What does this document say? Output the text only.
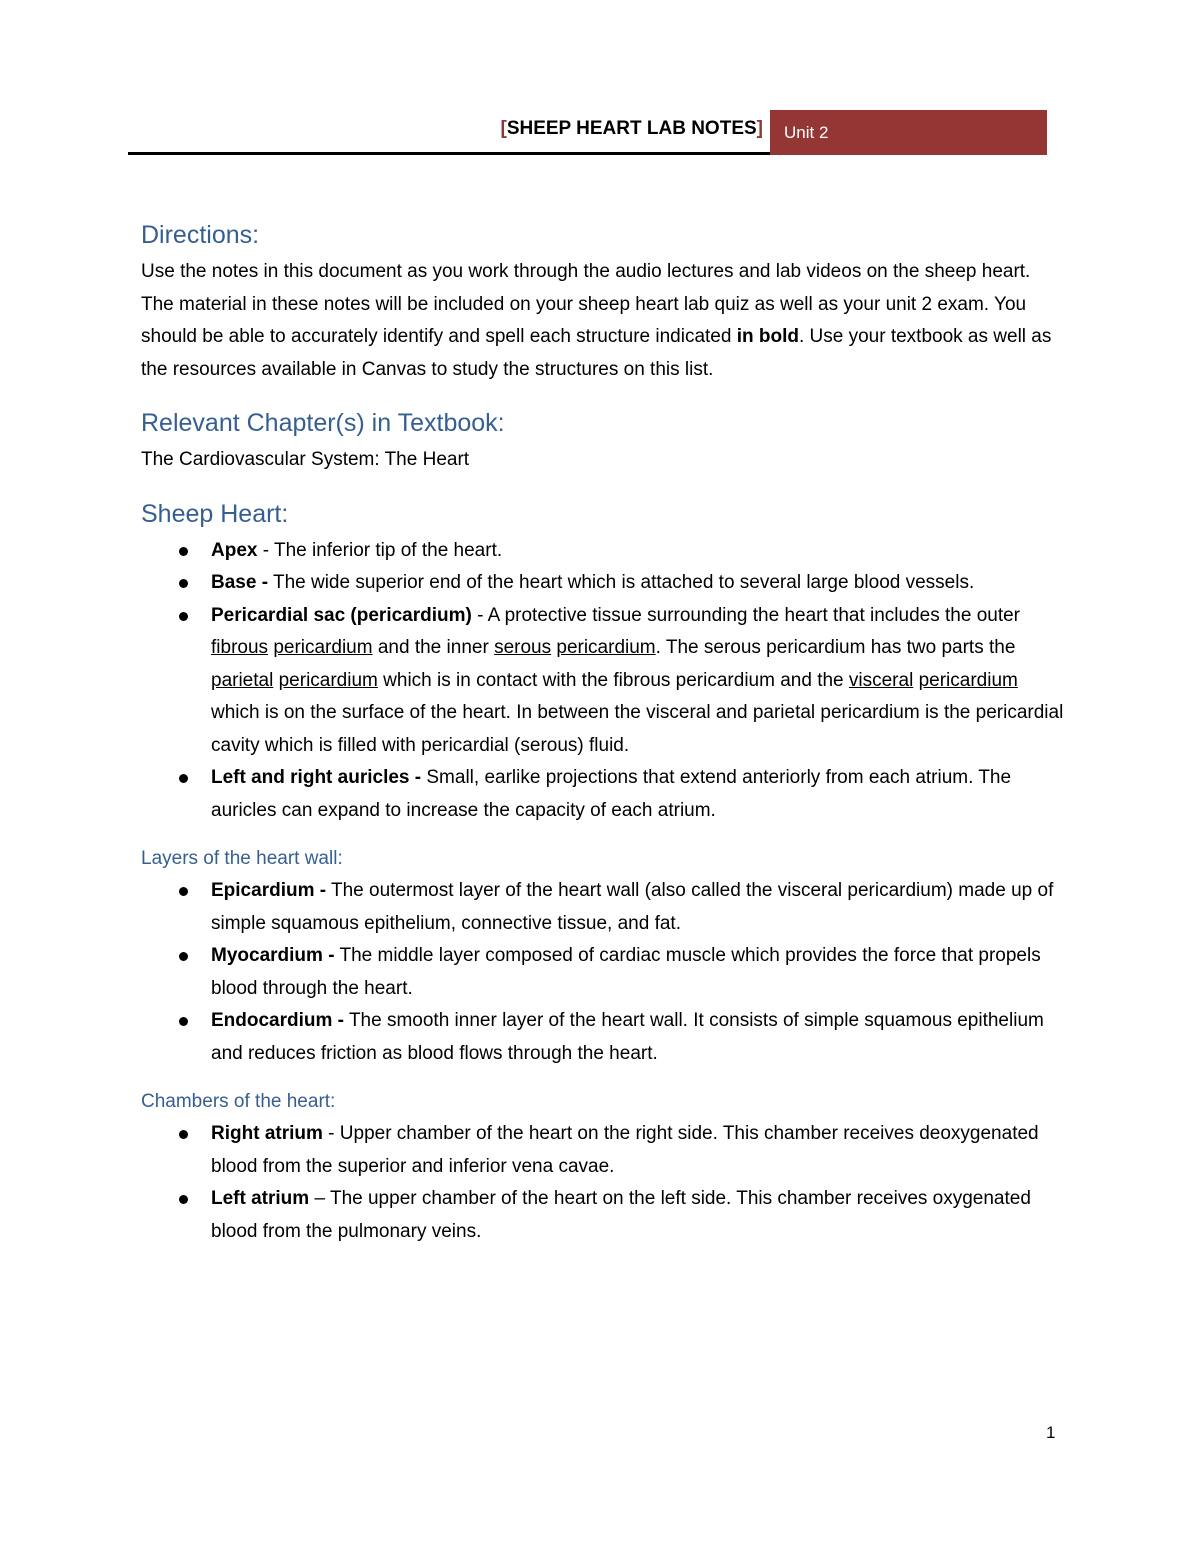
[SHEEP HEART LAB NOTES]	Unit 2
Directions:

Use the notes in this document as you work through the audio lectures and lab videos on the sheep heart. The material in these notes will be included on your sheep heart lab quiz as well as your unit 2 exam. You should be able to accurately identify and spell each structure indicated in bold. Use your textbook as well as the resources available in Canvas to study the structures on this list.

Relevant Chapter(s) in Textbook:

The Cardiovascular System: The Heart

Sheep Heart:
Apex - The inferior tip of the heart.
Base - The wide superior end of the heart which is attached to several large blood vessels.
Pericardial sac (pericardium) - A protective tissue surrounding the heart that includes the outer fibrous pericardium and the inner serous pericardium. The serous pericardium has two parts the parietal pericardium which is in contact with the fibrous pericardium and the visceral pericardium which is on the surface of the heart. In between the visceral and parietal pericardium is the pericardial cavity which is filled with pericardial (serous) fluid.
Left and right auricles - Small, earlike projections that extend anteriorly from each atrium. The auricles can expand to increase the capacity of each atrium.
Layers of the heart wall:
Epicardium - The outermost layer of the heart wall (also called the visceral pericardium) made up of simple squamous epithelium, connective tissue, and fat.
Myocardium - The middle layer composed of cardiac muscle which provides the force that propels blood through the heart.
Endocardium - The smooth inner layer of the heart wall. It consists of simple squamous epithelium and reduces friction as blood flows through the heart.
Chambers of the heart:
Right atrium - Upper chamber of the heart on the right side. This chamber receives deoxygenated blood from the superior and inferior vena cavae.
Left atrium – The upper chamber of the heart on the left side. This chamber receives oxygenated blood from the pulmonary veins.
1
